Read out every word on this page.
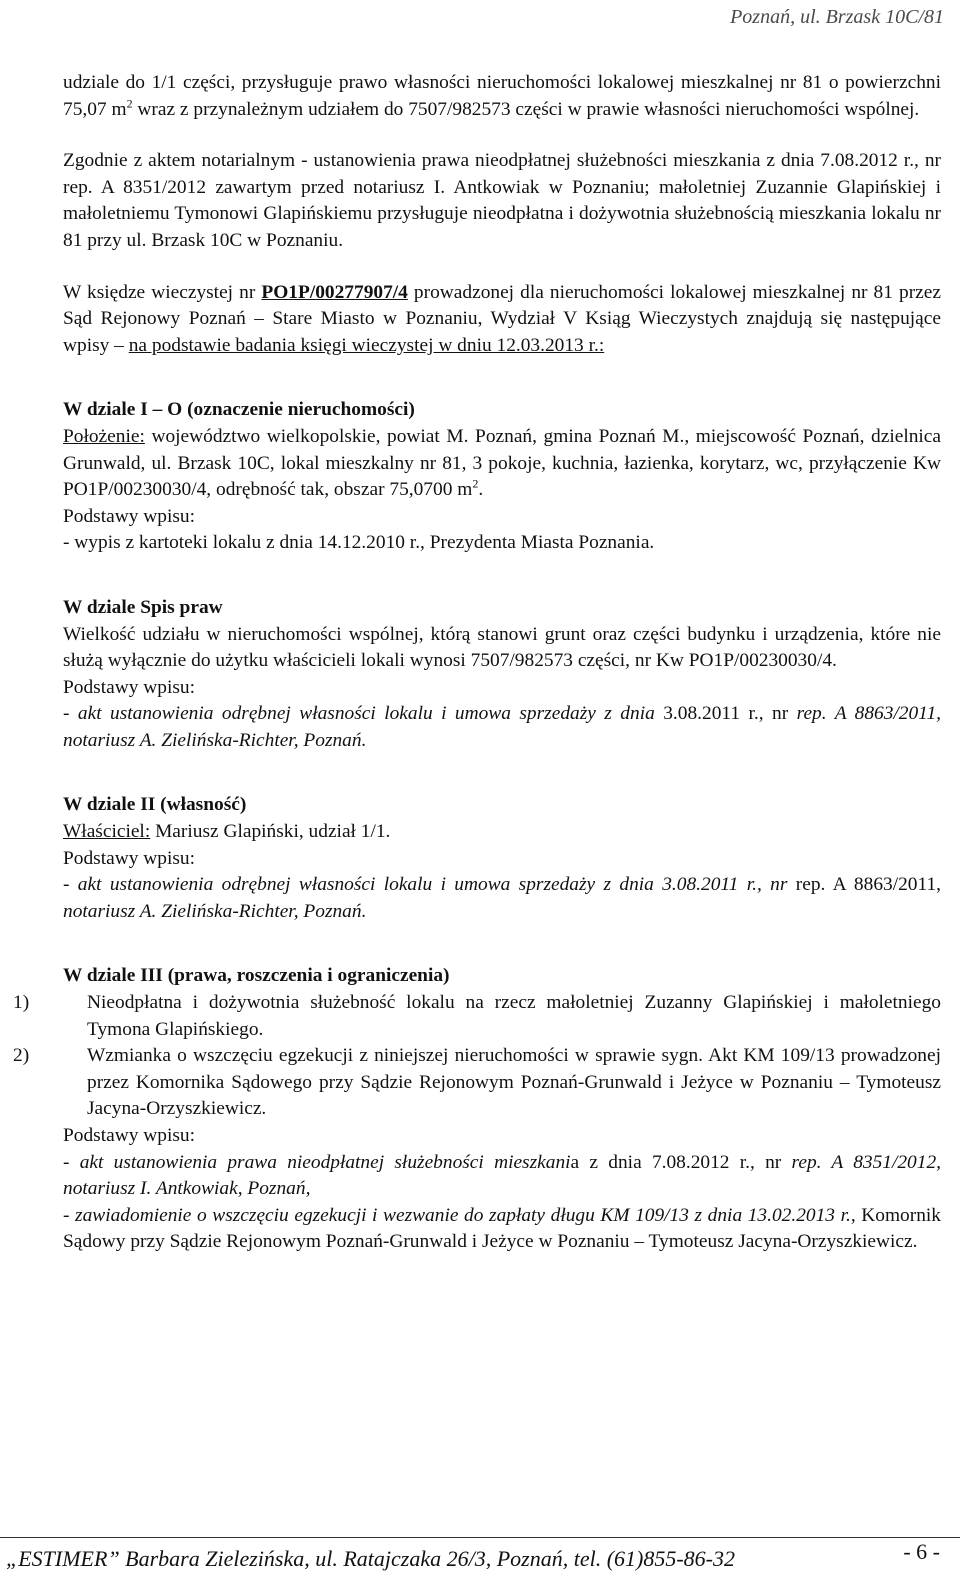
Poznań, ul. Brzask 10C/81

udziale do 1/1 części, przysługuje prawo własności nieruchomości lokalowej mieszkalnej nr 81 o powierzchni 75,07 $m^2$ wraz z przynależnym udziałem do 7507/982573 części w prawie własności nieruchomości wspólnej.

Zgodnie z aktem notarialnym - ustanowienia prawa nieodpłatnej służebności mieszkania z dnia 7.08.2012 r., nr rep. A 8351/2012 zawartym przed notariusz I. Antkowiak w Poznaniu; małoletniej Zuzannie Glapińskiej i małoletniemu Tymonowi Glapińskiemu przysługuje nieodpłatna i dożywotnia służebnością mieszkania lokalu nr 81 przy ul. Brzask 10C w Poznaniu.

W księdze wieczystej nr PO1P/00277907/4 prowadzonej dla nieruchomości lokalowej mieszkalnej nr 81 przez Sąd Rejonowy Poznań – Stare Miasto w Poznaniu, Wydział V Ksiąg Wieczystych znajdują się następujące wpisy – na podstawie badania księgi wieczystej w dniu 12.03.2013 r.:

W dziale I – O (oznaczenie nieruchomości)

Położenie: województwo wielkopolskie, powiat M. Poznań, gmina Poznań M., miejscowość Poznań, dzielnica Grunwald, ul. Brzask 10C, lokal mieszkalny nr 81, 3 pokoje, kuchnia, łazienka, korytarz, wc, przyłączenie Kw PO1P/00230030/4, odrębność tak, obszar 75,0700 $m^2$.

Podstawy wpisu:

- wypis z kartoteki lokalu z dnia 14.12.2010 r., Prezydenta Miasta Poznania.

W dziale Spis praw

Wielkość udziału w nieruchomości wspólnej, którą stanowi grunt oraz części budynku i urządzenia, które nie służą wyłącznie do użytku właścicieli lokali wynosi 7507/982573 części, nr Kw PO1P/00230030/4.

Podstawy wpisu:

- akt ustanowienia odrębnej własności lokalu i umowa sprzedaży z dnia 3.08.2011 r., nr rep. A 8863/2011, notariusz A. Zielińska-Richter, Poznań.

W dziale II (własność)

Właściciel: Mariusz Glapiński, udział 1/1.

Podstawy wpisu:

- akt ustanowienia odrębnej własności lokalu i umowa sprzedaży z dnia 3.08.2011 r., nr rep. A 8863/2011, notariusz A. Zielińska-Richter, Poznań.

W dziale III (prawa, roszczenia i ograniczenia)

1)	Nieodpłatna i dożywotnia służebność lokalu na rzecz małoletniej Zuzanny Glapińskiej i małoletniego Tymona Glapińskiego.

2)	Wzmianka o wszczęciu egzekucji z niniejszej nieruchomości w sprawie sygn. Akt KM 109/13 prowadzonej przez Komornika Sądowego przy Sądzie Rejonowym Poznań-Grunwald i Jeżyce w Poznaniu – Tymoteusz Jacyna-Orzyszkiewicz.

Podstawy wpisu:

- akt ustanowienia prawa nieodpłatnej służebności mieszkania z dnia 7.08.2012 r., nr rep. A 8351/2012, notariusz I. Antkowiak, Poznań,

- zawiadomienie o wszczęciu egzekucji i wezwanie do zapłaty długu KM 109/13 z dnia 13.02.2013 r., Komornik Sądowy przy Sądzie Rejonowym Poznań-Grunwald i Jeżyce w Poznaniu – Tymoteusz Jacyna-Orzyszkiewicz.

„ESTIMER” Barbara Zielezińska, ul. Ratajczaka 26/3, Poznań, tel. (61)855-86-32	- 6 -
